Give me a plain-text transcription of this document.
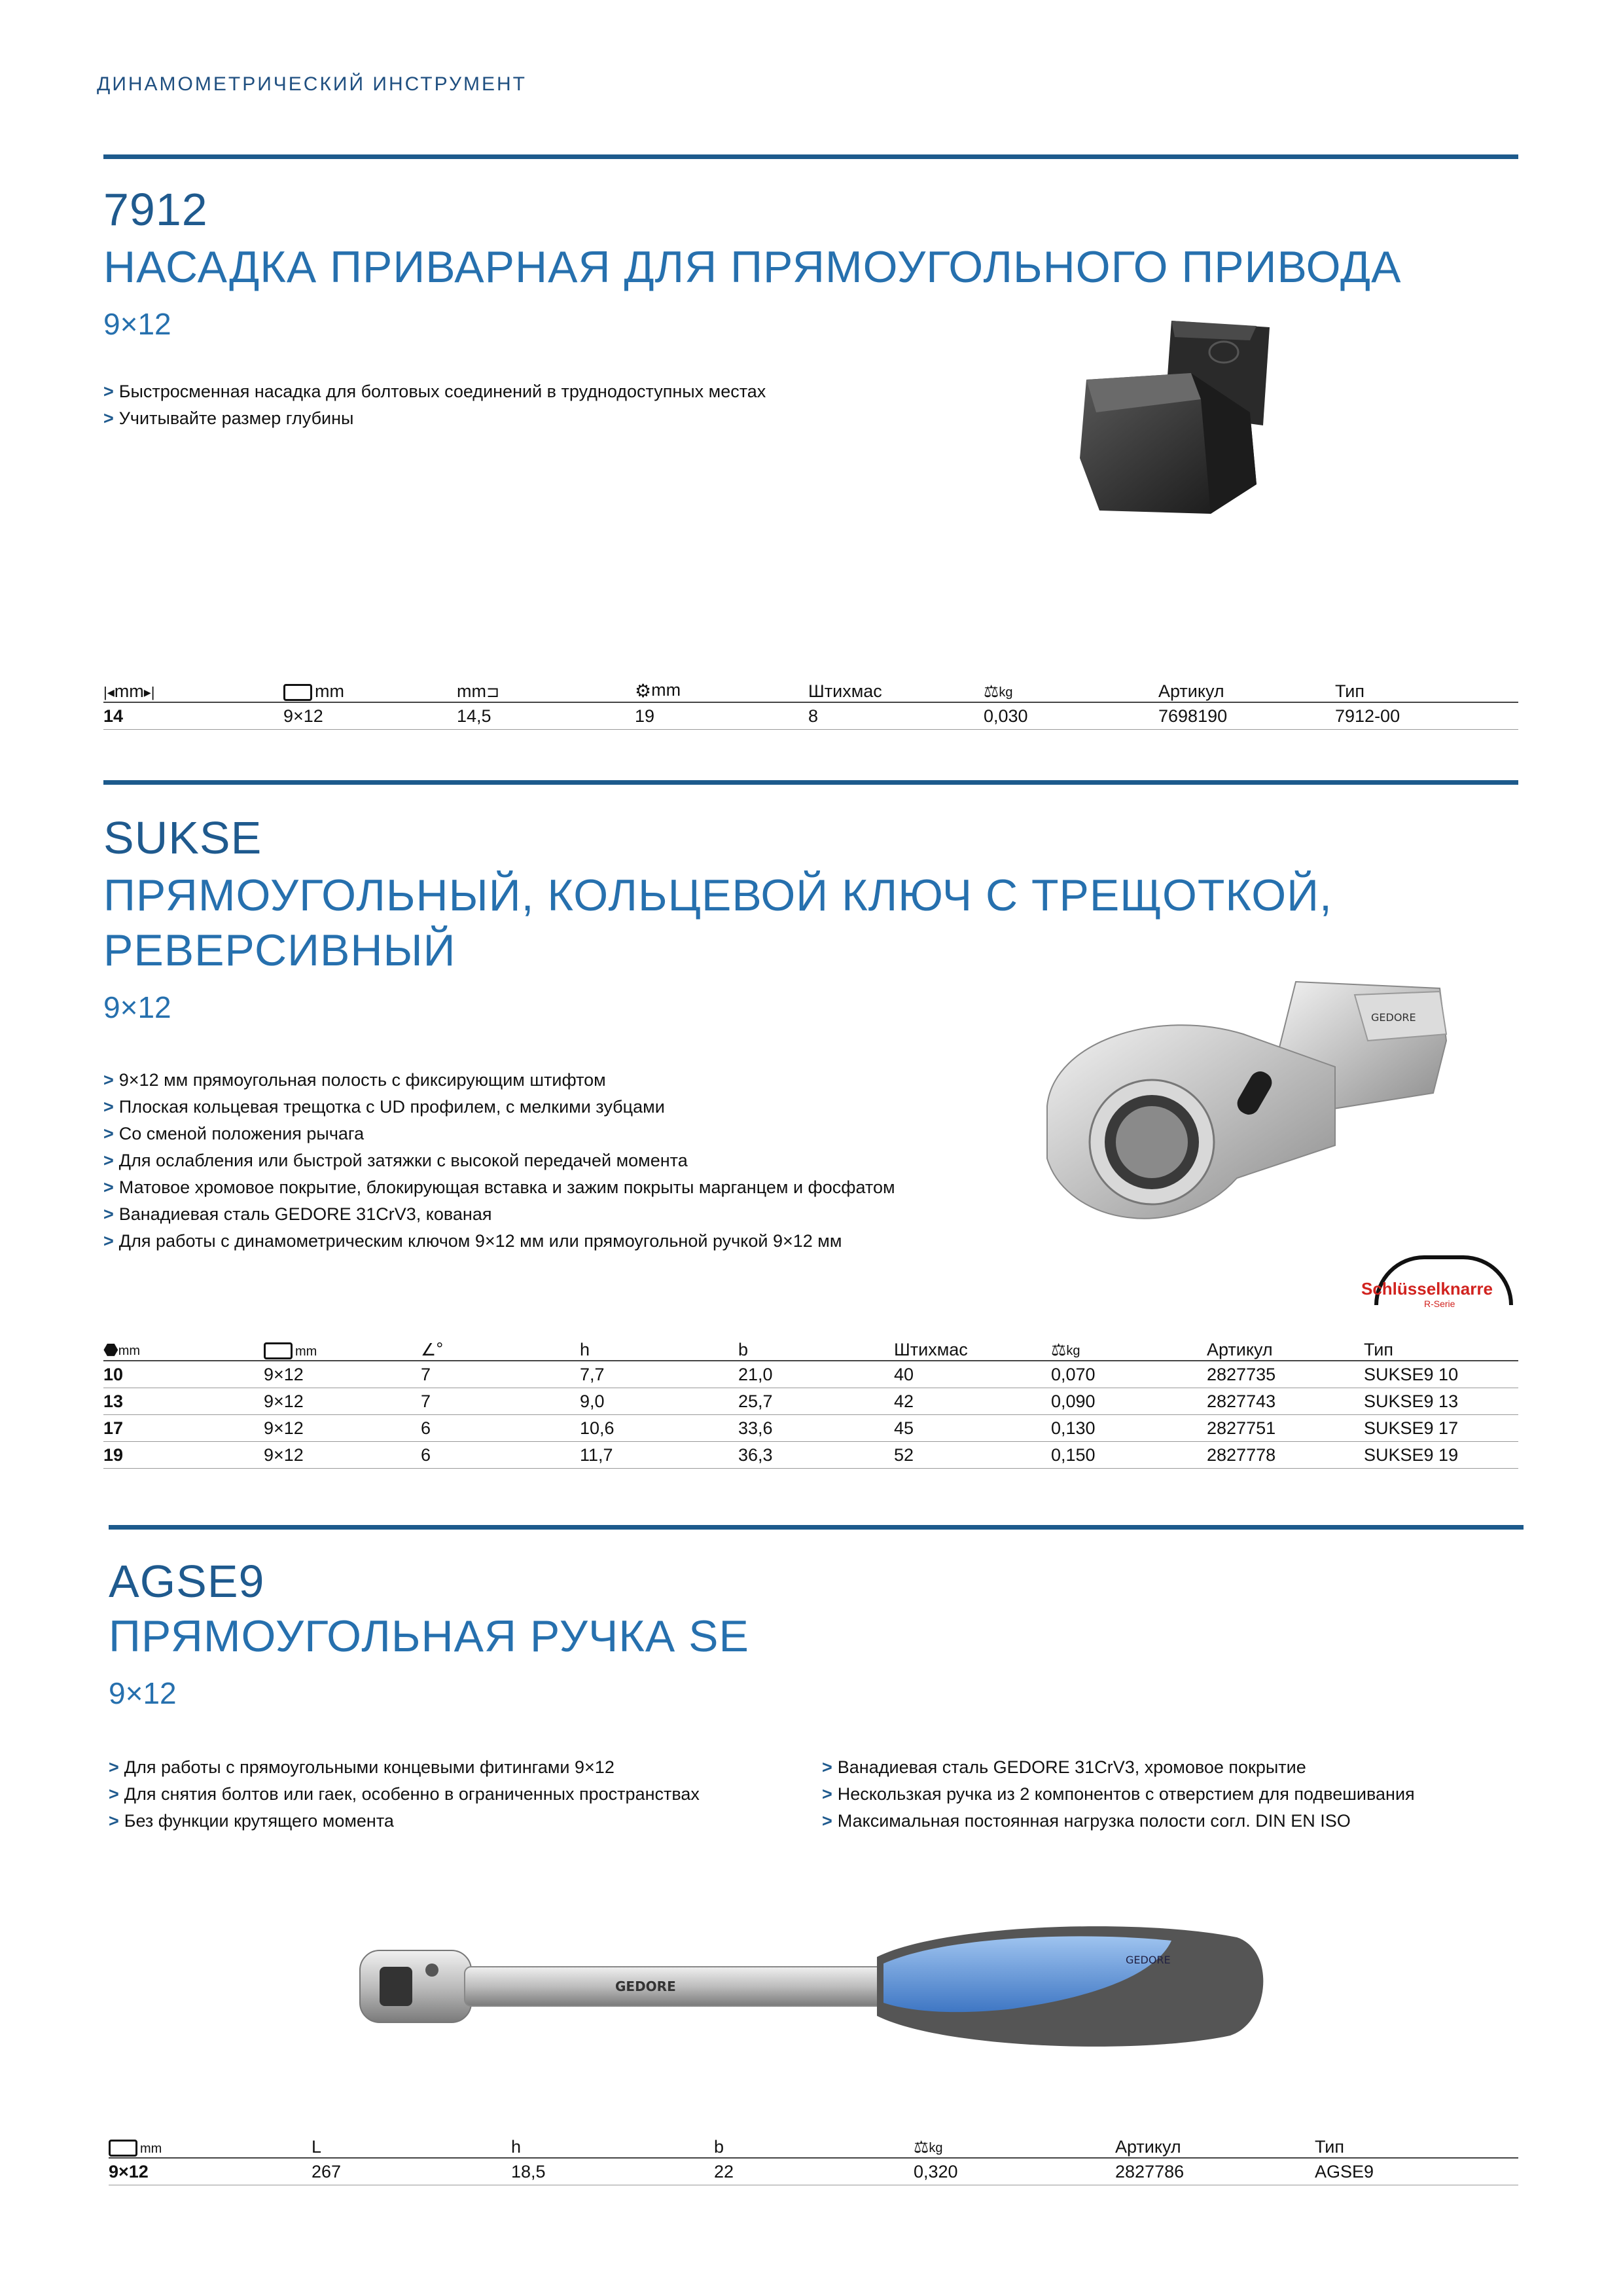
ДИНАМОМЕТРИЧЕСКИЙ ИНСТРУМЕНТ
7912
НАСАДКА ПРИВАРНАЯ ДЛЯ ПРЯМОУГОЛЬНОГО ПРИВОДА
9×12
> Быстросменная насадка для болтовых соединений в труднодоступных местах
> Учитывайте размер глубины
|◂mm▸|	mm	mm⊐	⚙mm	Штихмас	⚖kg	Артикул	Тип
14	9×12	14,5	19	8	0,030	7698190	7912-00
SUKSE
ПРЯМОУГОЛЬНЫЙ, КОЛЬЦЕВОЙ КЛЮЧ С ТРЕЩОТКОЙ,
РЕВЕРСИВНЫЙ
9×12
> 9×12 мм прямоугольная полость с фиксирующим штифтом
> Плоская кольцевая трещотка с UD профилем, с мелкими зубцами
> Со сменой положения рычага
> Для ослабления или быстрой затяжки с высокой передачей момента
> Матовое хромовое покрытие, блокирующая вставка и зажим покрыты марганцем и фосфатом
> Ванадиевая сталь GEDORE 31CrV3, кованая
> Для работы с динамометрическим ключом 9×12 мм или прямоугольной ручкой 9×12 мм
GEDORE
Schlüsselknarre
R-Serie
⬣mm	mm	∠°	h	b	Штихмас	⚖kg	Артикул	Тип
10	9×12	7	7,7	21,0	40	0,070	2827735	SUKSE9 10
13	9×12	7	9,0	25,7	42	0,090	2827743	SUKSE9 13
17	9×12	6	10,6	33,6	45	0,130	2827751	SUKSE9 17
19	9×12	6	11,7	36,3	52	0,150	2827778	SUKSE9 19
AGSE9
ПРЯМОУГОЛЬНАЯ РУЧКА SE
9×12
> Для работы с прямоугольными концевыми фитингами 9×12
> Для снятия болтов или гаек, особенно в ограниченных пространствах
> Без функции крутящего момента
> Ванадиевая сталь GEDORE 31CrV3, хромовое покрытие
> Нескользкая ручка из 2 компонентов с отверстием для подвешивания
> Максимальная постоянная нагрузка полости согл. DIN EN ISO
GEDORE
GEDORE
mm	L	h	b	⚖kg	Артикул	Тип
9×12	267	18,5	22	0,320	2827786	AGSE9
